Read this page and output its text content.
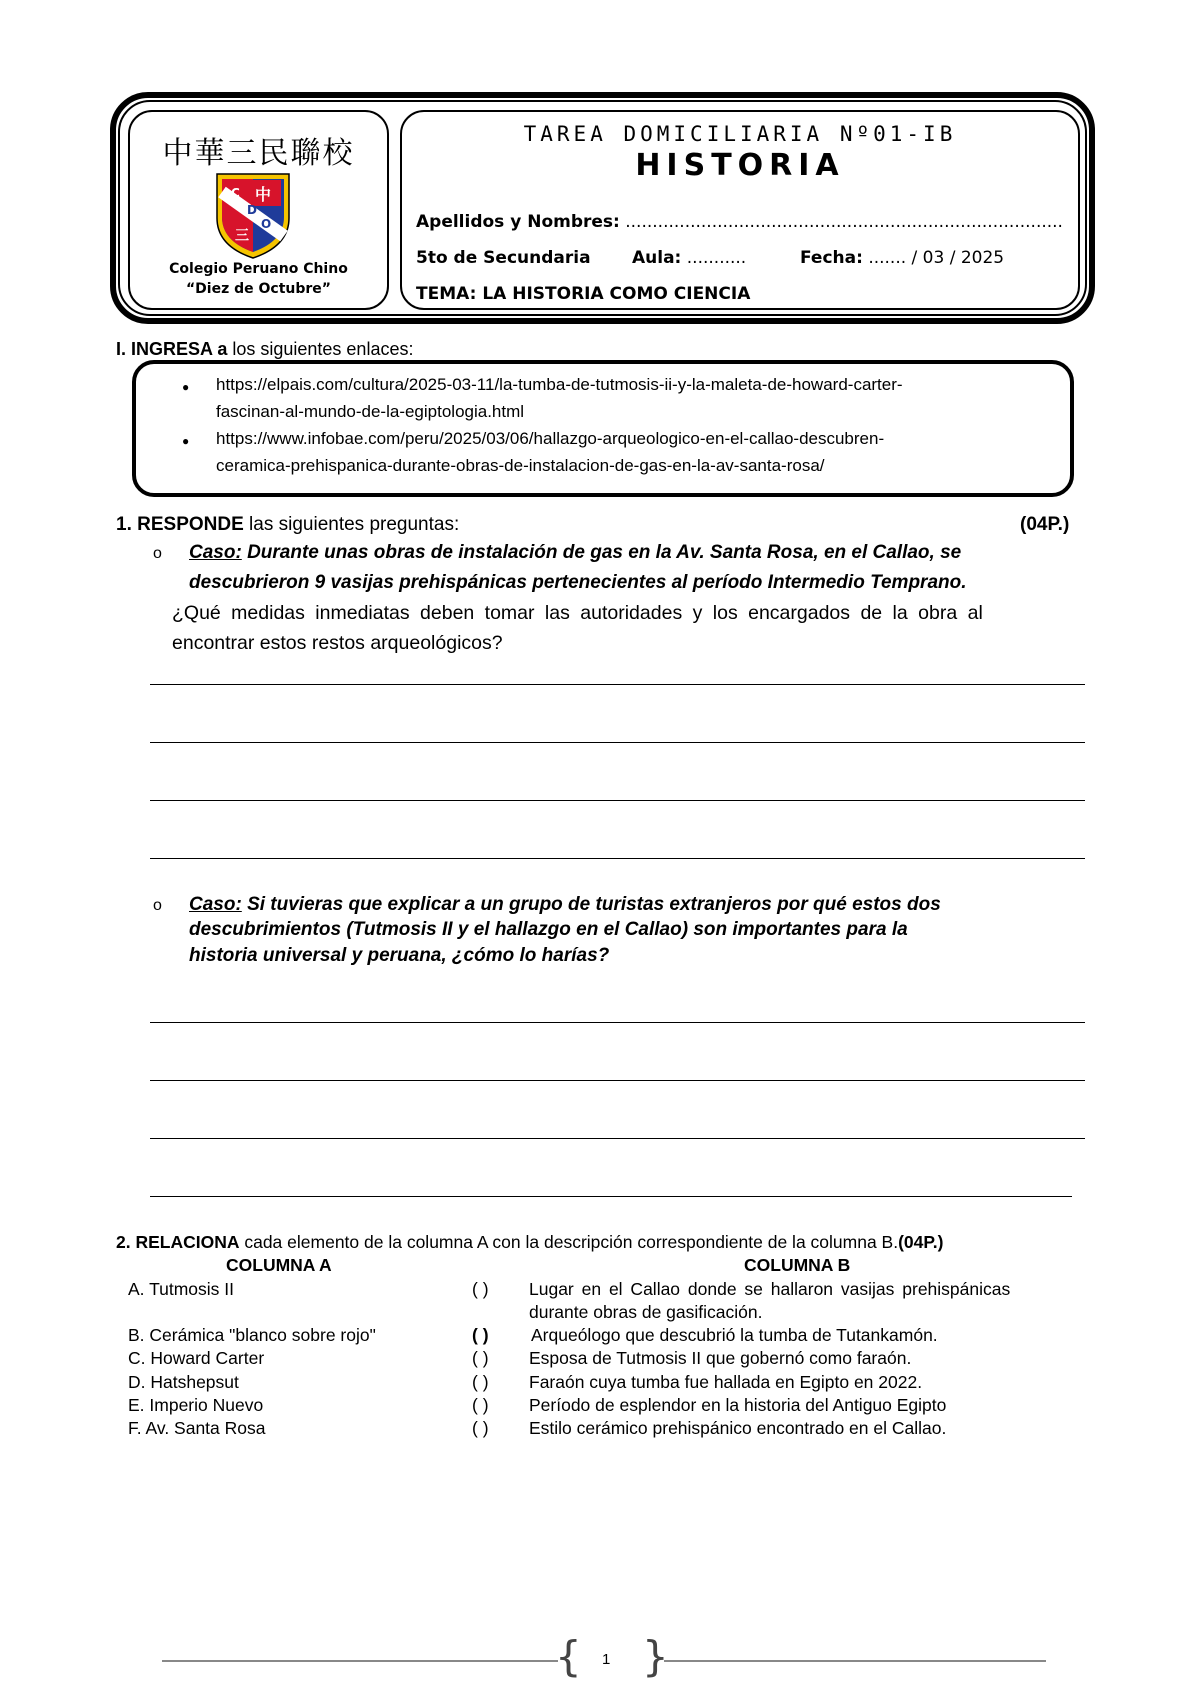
中華三民聯校
C
D
O
中
三
Colegio Peruano Chino
“Diez de Octubre”
TAREA DOMICILIARIA Nº01-IB
HISTORIA
Apellidos y Nombres: .................................................................................
5to de Secundaria Aula: ...........	Fecha: ....... / 03 / 2025
TEMA: LA HISTORIA COMO CIENCIA
I. INGRESA a los siguientes enlaces:
● https://elpais.com/cultura/2025-03-11/la-tumba-de-tutmosis-ii-y-la-maleta-de-howard-carter-
fascinan-al-mundo-de-la-egiptologia.html
● https://www.infobae.com/peru/2025/03/06/hallazgo-arqueologico-en-el-callao-descubren-
ceramica-prehispanica-durante-obras-de-instalacion-de-gas-en-la-av-santa-rosa/
1. RESPONDE las siguientes preguntas:	(04P.)
o Caso: Durante unas obras de instalación de gas en la Av. Santa Rosa, en el Callao, se
descubrieron 9 vasijas prehispánicas pertenecientes al período Intermedio Temprano.
¿Qué medidas inmediatas deben tomar las autoridades y los encargados de la obra al
encontrar estos restos arqueológicos?
o Caso: Si tuvieras que explicar a un grupo de turistas extranjeros por qué estos dos
descubrimientos (Tutmosis II y el hallazgo en el Callao) son importantes para la
historia universal y peruana, ¿cómo lo harías?
2. RELACIONA cada elemento de la columna A con la descripción correspondiente de la columna B.(04P.)
COLUMNA A	COLUMNA B
A. Tutmosis II	( ) Lugar en el Callao donde se hallaron vasijas prehispánicas
durante obras de gasificación.
B. Cerámica "blanco sobre rojo"	( ) Arqueólogo que descubrió la tumba de Tutankamón.
C. Howard Carter	( ) Esposa de Tutmosis II que gobernó como faraón.
D. Hatshepsut	( ) Faraón cuya tumba fue hallada en Egipto en 2022.
E. Imperio Nuevo	( ) Período de esplendor en la historia del Antiguo Egipto
F. Av. Santa Rosa	( ) Estilo cerámico prehispánico encontrado en el Callao.
{ 1 }
